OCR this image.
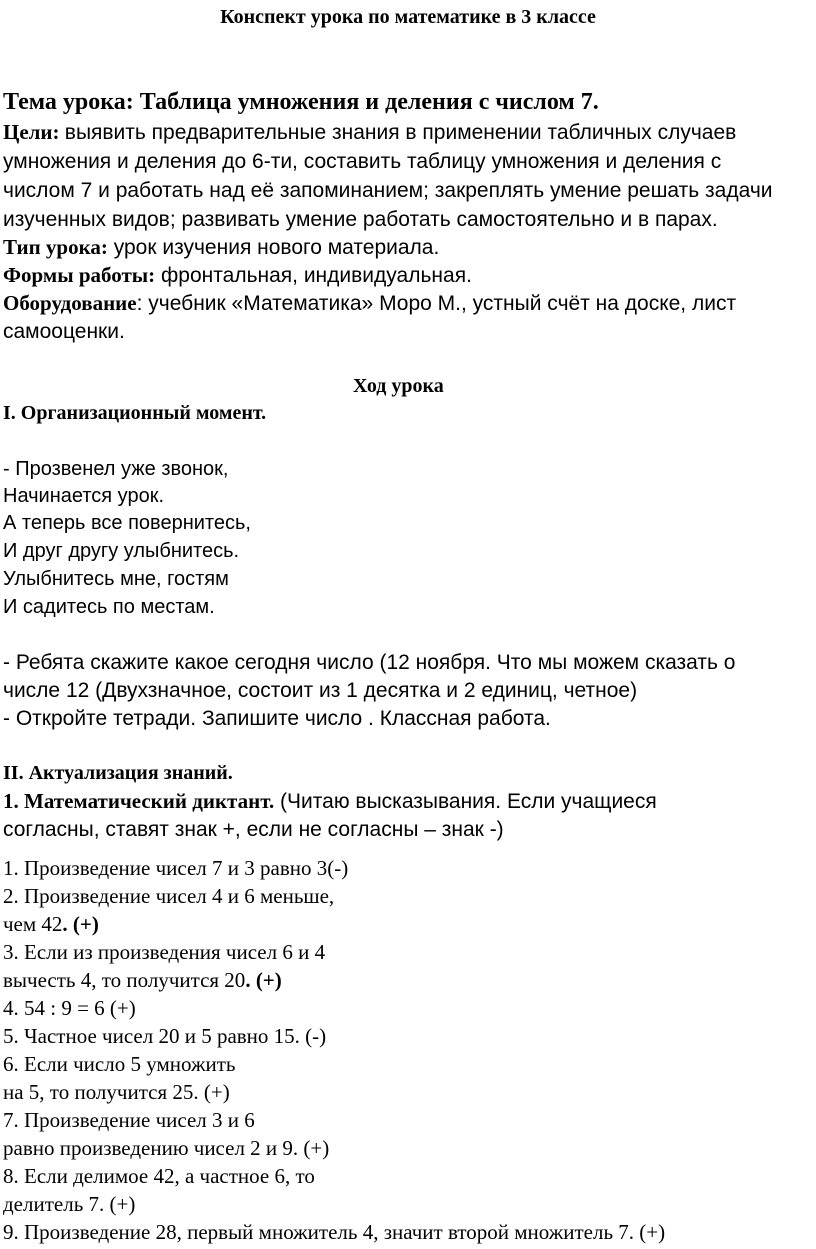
Конспект урока по математике в 3 классе
Тема урока: Таблица умножения и деления с числом 7.
Цели: выявить предварительные знания в применении табличных случаев
умножения и деления до 6-ти, составить таблицу умножения и деления с
числом 7 и работать над её запоминанием; закреплять умение решать задачи
изученных видов; развивать умение работать самостоятельно и в парах.
Тип урока: урок изучения нового материала.
Формы работы: фронтальная, индивидуальная.
Оборудование: учебник «Математика» Моро М., устный счёт на доске, лист
самооценки.
Ход урока
I. Организационный момент.
- Прозвенел уже звонок,
Начинается урок.
А теперь все повернитесь,
И друг другу улыбнитесь.
Улыбнитесь мне, гостям
И садитесь по местам.
- Ребята скажите какое сегодня число (12 ноября. Что мы можем сказать о
числе 12 (Двухзначное, состоит из 1 десятка и 2 единиц, четное)
- Откройте тетради. Запишите число . Классная работа.
II. Актуализация знаний.
1. Математический диктант. (Читаю высказывания. Если учащиеся
согласны, ставят знак +, если не согласны – знак -)
1. Произведение чисел 7 и 3 равно 3(-)
2. Произведение чисел 4 и 6 меньше,
чем 42. (+)
3. Если из произведения чисел 6 и 4
вычесть 4, то получится 20. (+)
4. 54 : 9 = 6 (+)
5. Частное чисел 20 и 5 равно 15. (-)
6. Если число 5 умножить
на 5, то получится 25. (+)
7. Произведение чисел 3 и 6
равно произведению чисел 2 и 9. (+)
8. Если делимое 42, а частное 6, то
делитель 7. (+)
9. Произведение 28, первый множитель 4, значит второй множитель 7. (+)
